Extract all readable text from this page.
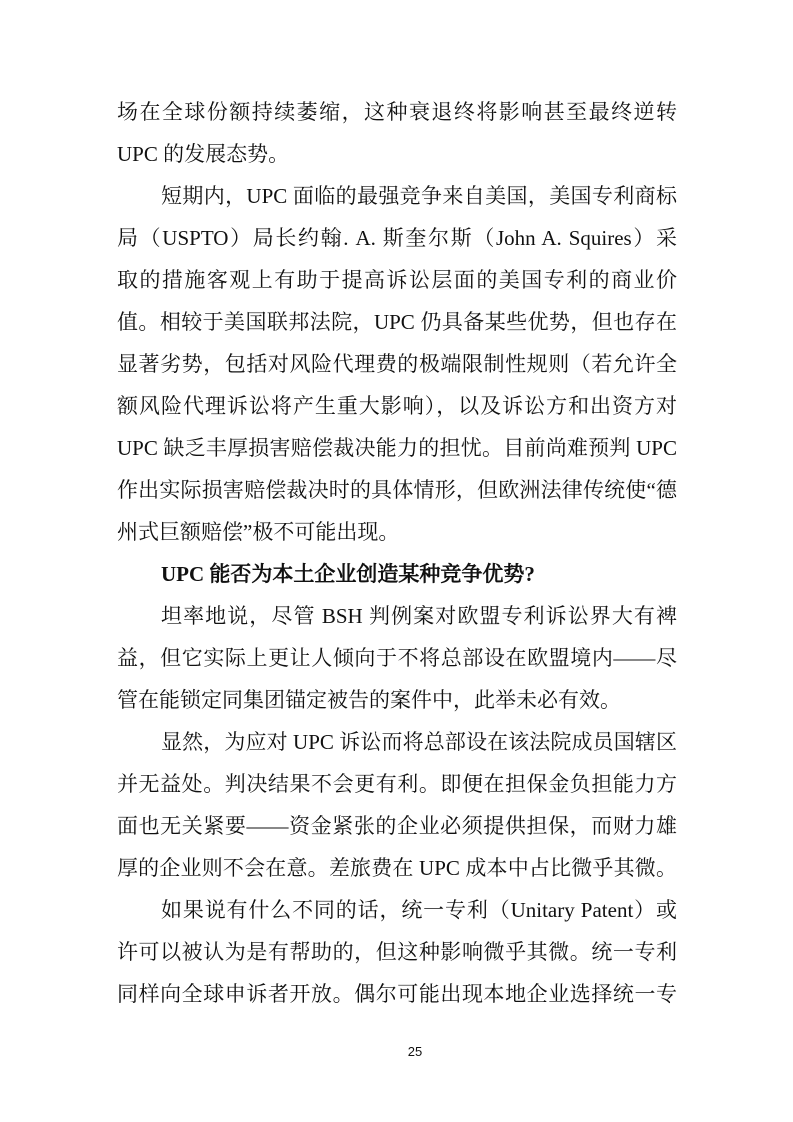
场在全球份额持续萎缩，这种衰退终将影响甚至最终逆转
UPC 的发展态势。
短期内，UPC 面临的最强竞争来自美国，美国专利商标
局（USPTO）局长约翰. A. 斯奎尔斯（John A. Squires）采
取的措施客观上有助于提高诉讼层面的美国专利的商业价
值。相较于美国联邦法院，UPC 仍具备某些优势，但也存在
显著劣势，包括对风险代理费的极端限制性规则（若允许全
额风险代理诉讼将产生重大影响），以及诉讼方和出资方对
UPC 缺乏丰厚损害赔偿裁决能力的担忧。目前尚难预判 UPC
作出实际损害赔偿裁决时的具体情形，但欧洲法律传统使“德
州式巨额赔偿”极不可能出现。
UPC 能否为本土企业创造某种竞争优势?
坦率地说，尽管 BSH 判例案对欧盟专利诉讼界大有裨
益，但它实际上更让人倾向于不将总部设在欧盟境内——尽
管在能锁定同集团锚定被告的案件中，此举未必有效。
显然，为应对 UPC 诉讼而将总部设在该法院成员国辖区
并无益处。判决结果不会更有利。即便在担保金负担能力方
面也无关紧要——资金紧张的企业必须提供担保，而财力雄
厚的企业则不会在意。差旅费在 UPC 成本中占比微乎其微。
如果说有什么不同的话，统一专利（Unitary Patent）或
许可以被认为是有帮助的，但这种影响微乎其微。统一专利
同样向全球申诉者开放。偶尔可能出现本地企业选择统一专
25
